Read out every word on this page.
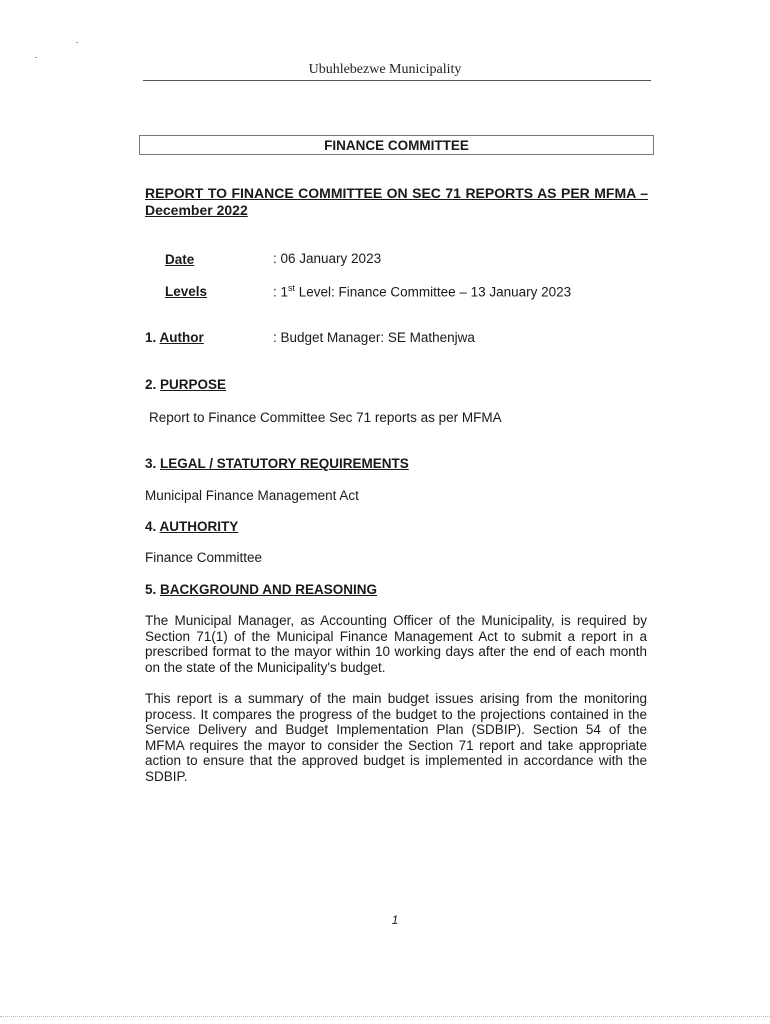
Ubuhlebezwe Municipality
FINANCE COMMITTEE
REPORT TO FINANCE COMMITTEE ON SEC 71 REPORTS AS PER MFMA – December 2022
Date	: 06 January 2023
Levels	: 1st Level: Finance Committee – 13 January 2023
1. Author	: Budget Manager: SE Mathenjwa
2. PURPOSE
Report to Finance Committee Sec 71 reports as per MFMA
3. LEGAL / STATUTORY REQUIREMENTS
Municipal Finance Management Act
4. AUTHORITY
Finance Committee
5. BACKGROUND AND REASONING
The Municipal Manager, as Accounting Officer of the Municipality, is required by Section 71(1) of the Municipal Finance Management Act to submit a report in a prescribed format to the mayor within 10 working days after the end of each month on the state of the Municipality's budget.
This report is a summary of the main budget issues arising from the monitoring process. It compares the progress of the budget to the projections contained in the Service Delivery and Budget Implementation Plan (SDBIP). Section 54 of the MFMA requires the mayor to consider the Section 71 report and take appropriate action to ensure that the approved budget is implemented in accordance with the SDBIP.
1
